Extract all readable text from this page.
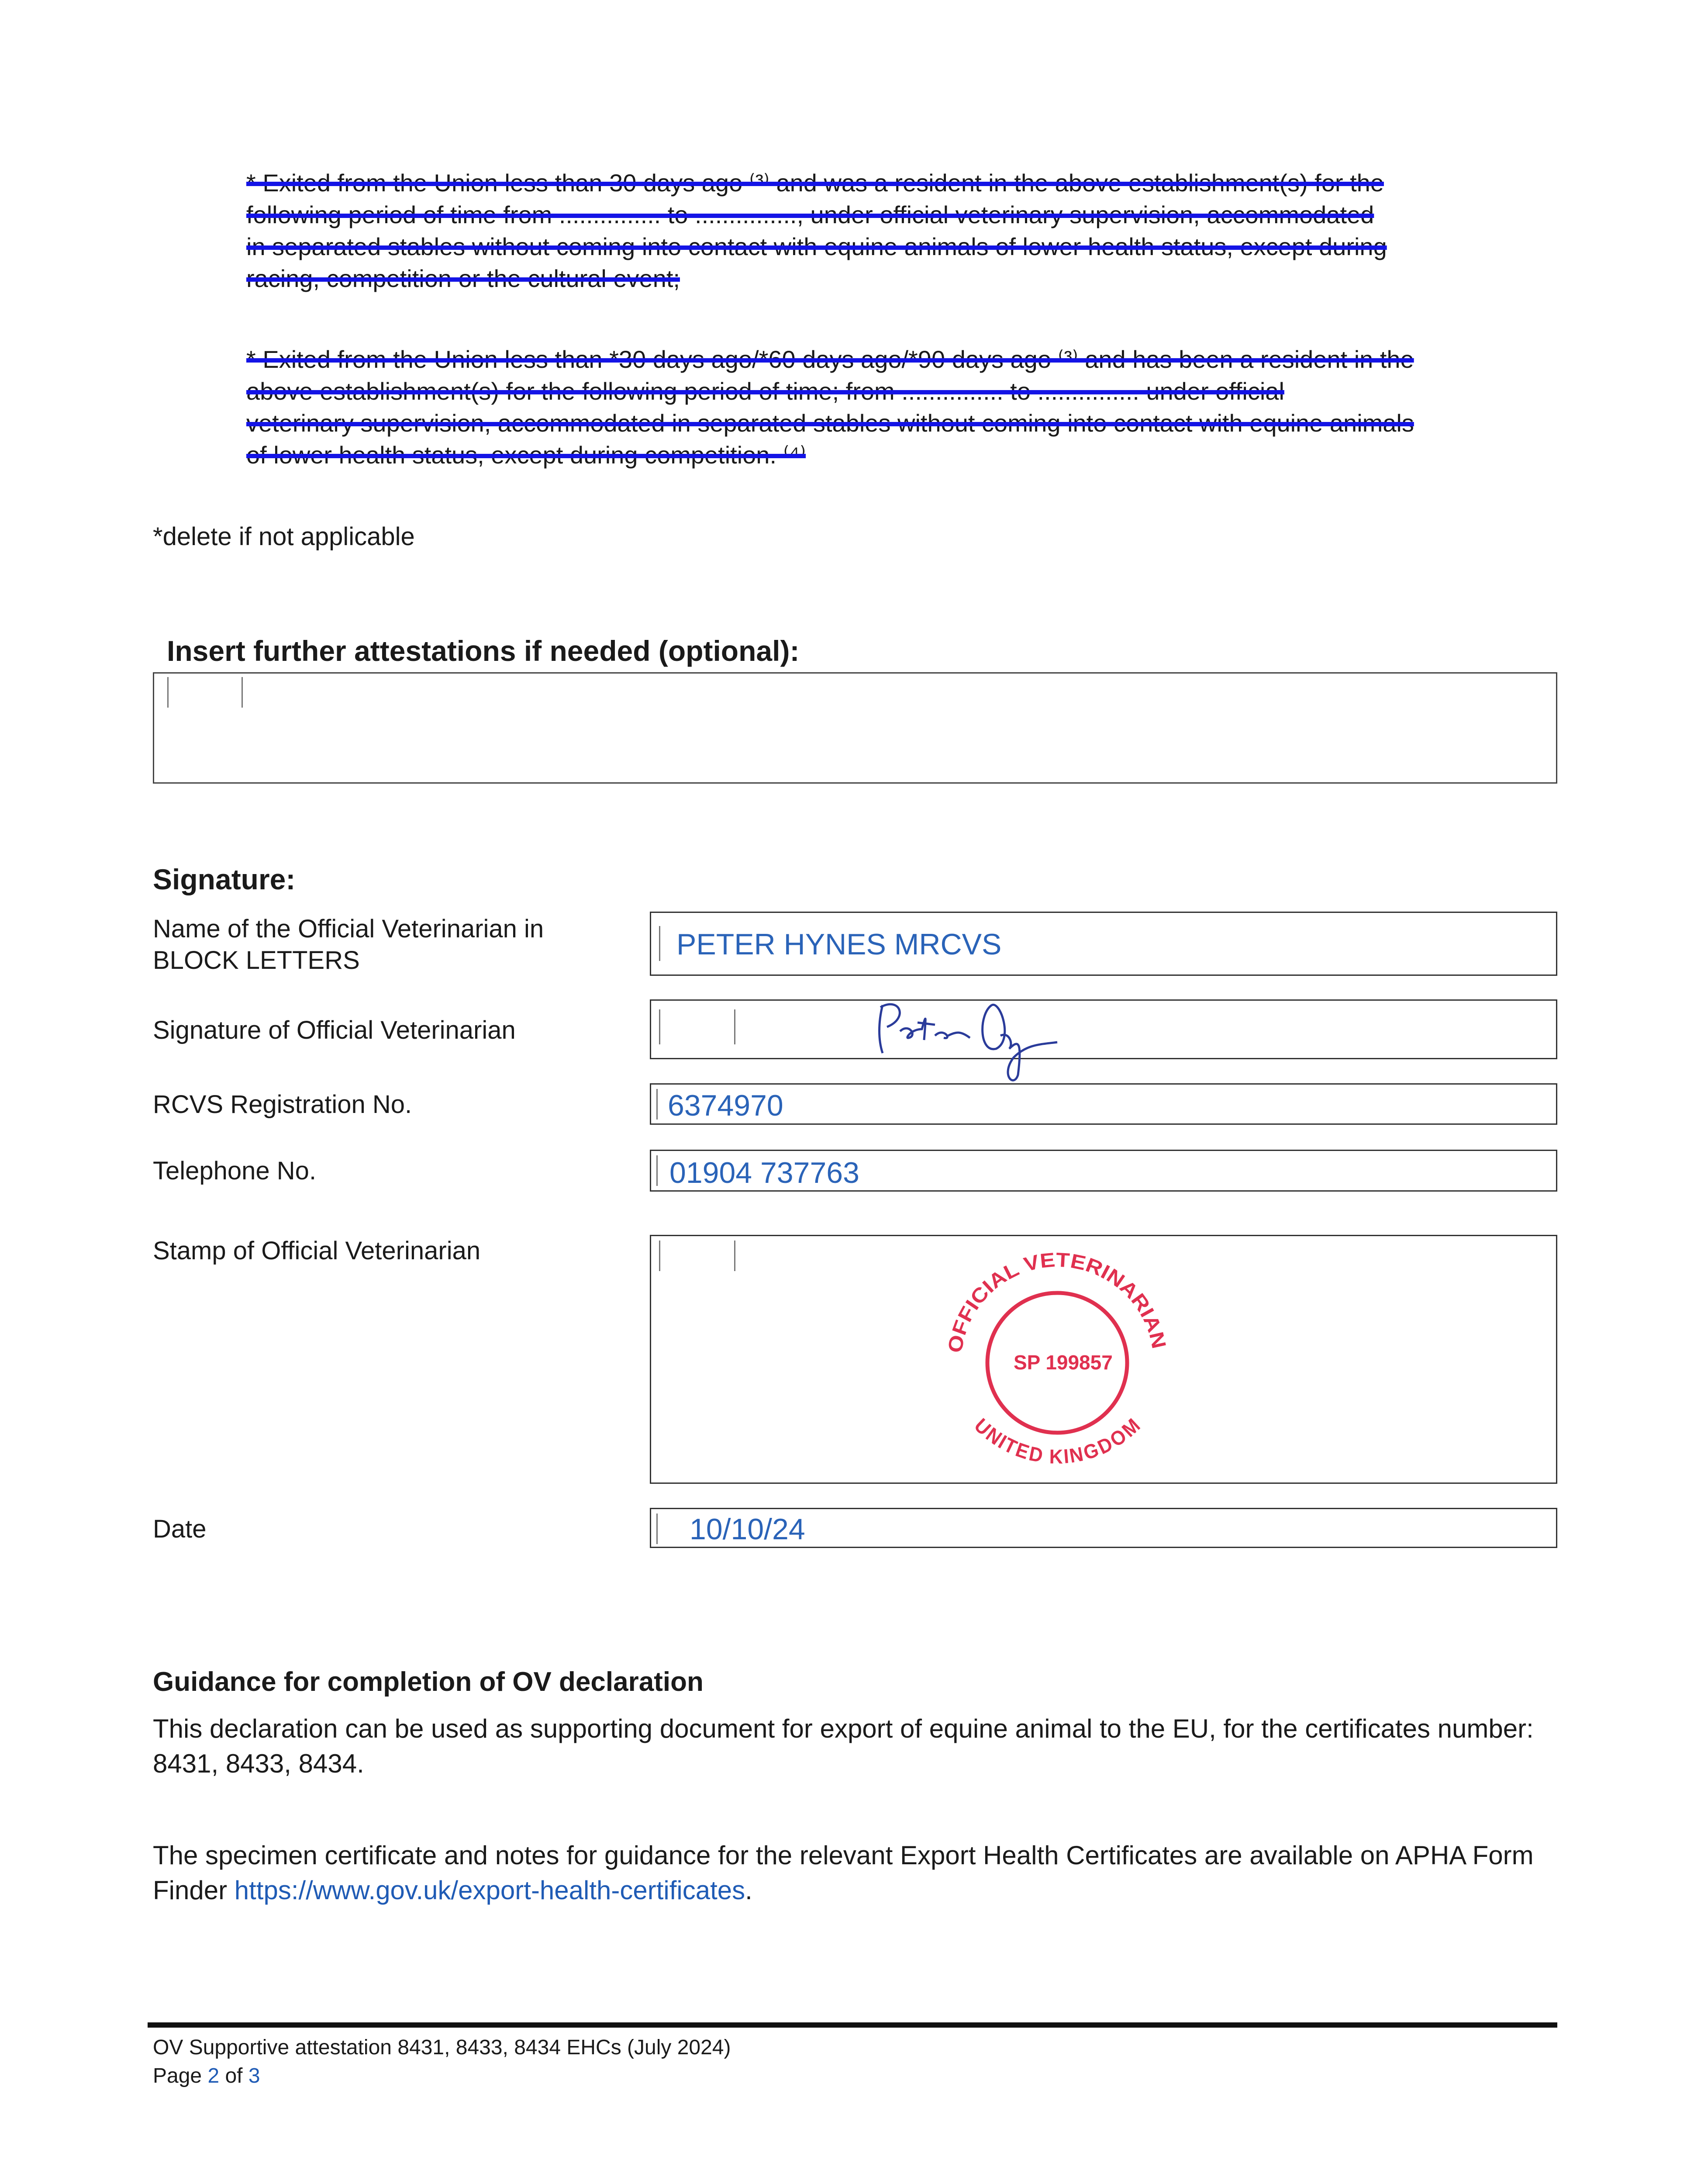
* Exited from the Union less than 30 days ago ⁽³⁾ and was a resident in the above establishment(s) for the
following period of time from ............... to ..............., under official veterinary supervision, accommodated
in separated stables without coming into contact with equine animals of lower health status, except during
racing, competition or the cultural event;
* Exited from the Union less than *30 days ago/*60 days ago/*90 days ago ⁽³⁾ and has been a resident in the
above establishment(s) for the following period of time; from ............... to ............... under official
veterinary supervision, accommodated in separated stables without coming into contact with equine animals
of lower health status, except during competition. ⁽⁴⁾
*delete if not applicable
Insert further attestations if needed (optional):
Signature:
Name of the Official Veterinarian in
BLOCK LETTERS	PETER HYNES MRCVS
Signature of Official Veterinarian
RCVS Registration No.	6374970
Telephone No.	01904 737763
Stamp of Official Veterinarian
OFFICIAL VETERINARIAN
UNITED KINGDOM
SP 199857
Date	10/10/24
Guidance for completion of OV declaration
This declaration can be used as supporting document for export of equine animal to the EU, for the certificates number: 8431, 8433, 8434.
The specimen certificate and notes for guidance for the relevant Export Health Certificates are available on APHA Form Finder https://www.gov.uk/export-health-certificates.
OV Supportive attestation 8431, 8433, 8434 EHCs (July 2024)
Page 2 of 3
